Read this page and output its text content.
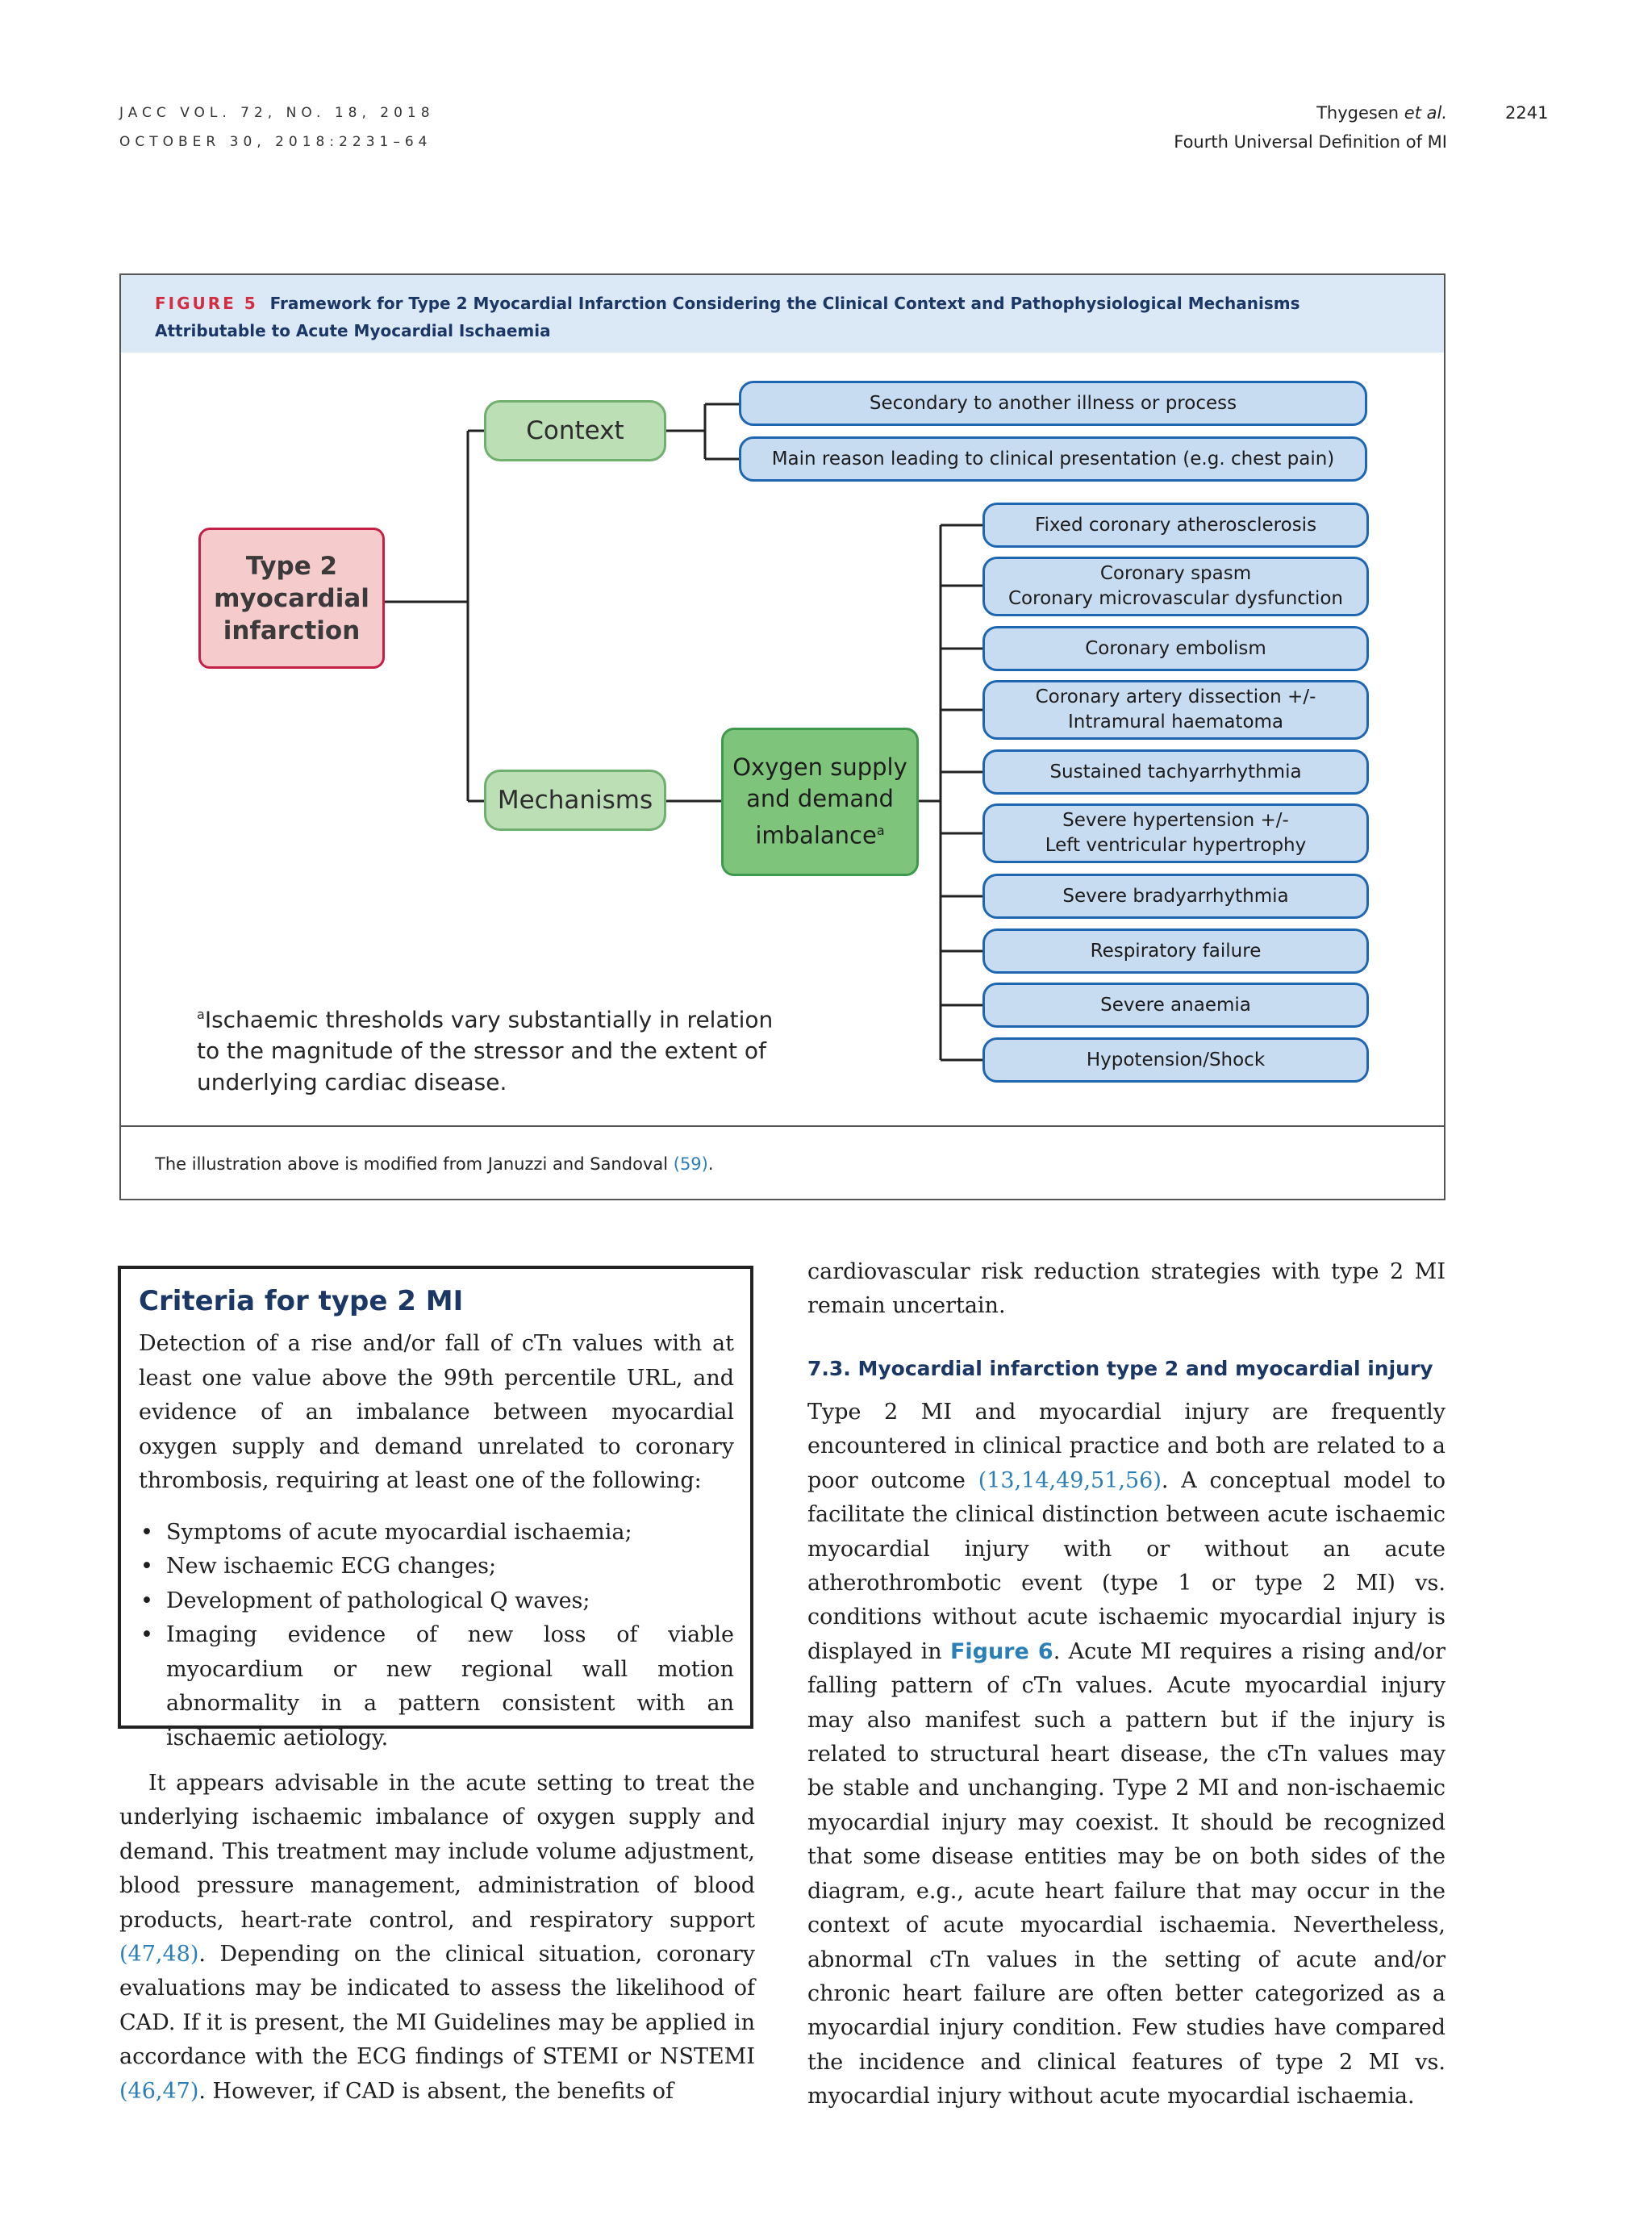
JACC VOL. 72, NO. 18, 2018
OCTOBER 30, 2018:2231–64
Thygesen et al.
Fourth Universal Definition of MI
2241
FIGURE 5 Framework for Type 2 Myocardial Infarction Considering the Clinical Context and Pathophysiological Mechanisms Attributable to Acute Myocardial Ischaemia
Type 2
myocardial
infarction
Context
Mechanisms
Oxygen supply
and demand
imbalance$^a$
Secondary to another illness or process
Main reason leading to clinical presentation (e.g. chest pain)
Fixed coronary atherosclerosis
Coronary spasm
Coronary microvascular dysfunction
Coronary embolism
Coronary artery dissection +/-
Intramural haematoma
Sustained tachyarrhythmia
Severe hypertension +/-
Left ventricular hypertrophy
Severe bradyarrhythmia
Respiratory failure
Severe anaemia
Hypotension/Shock
The illustration above is modified from Januzzi and Sandoval (59).
$^a$Ischaemic thresholds vary substantially in relation to the magnitude of the stressor and the extent of underlying cardiac disease.
Criteria for type 2 MI

Detection of a rise and/or fall of cTn values with at least one value above the 99th percentile URL, and evidence of an imbalance between myocardial oxygen supply and demand unrelated to coronary thrombosis, requiring at least one of the following:

• Symptoms of acute myocardial ischaemia;
• New ischaemic ECG changes;
• Development of pathological Q waves;
• Imaging evidence of new loss of viable myocardium or new regional wall motion abnormality in a pattern consistent with an ischaemic aetiology.
It appears advisable in the acute setting to treat the underlying ischaemic imbalance of oxygen supply and demand. This treatment may include volume adjustment, blood pressure management, administration of blood products, heart-rate control, and respiratory support (47,48). Depending on the clinical situation, coronary evaluations may be indicated to assess the likelihood of CAD. If it is present, the MI Guidelines may be applied in accordance with the ECG findings of STEMI or NSTEMI (46,47). However, if CAD is absent, the benefits of
cardiovascular risk reduction strategies with type 2 MI remain uncertain.
7.3. Myocardial infarction type 2 and myocardial injury
Type 2 MI and myocardial injury are frequently encountered in clinical practice and both are related to a poor outcome (13,14,49,51,56). A conceptual model to facilitate the clinical distinction between acute ischaemic myocardial injury with or without an acute atherothrombotic event (type 1 or type 2 MI) vs. conditions without acute ischaemic myocardial injury is displayed in Figure 6. Acute MI requires a rising and/or falling pattern of cTn values. Acute myocardial injury may also manifest such a pattern but if the injury is related to structural heart disease, the cTn values may be stable and unchanging. Type 2 MI and non-ischaemic myocardial injury may coexist. It should be recognized that some disease entities may be on both sides of the diagram, e.g., acute heart failure that may occur in the context of acute myocardial ischaemia. Nevertheless, abnormal cTn values in the setting of acute and/or chronic heart failure are often better categorized as a myocardial injury condition. Few studies have compared the incidence and clinical features of type 2 MI vs. myocardial injury without acute myocardial ischaemia.
